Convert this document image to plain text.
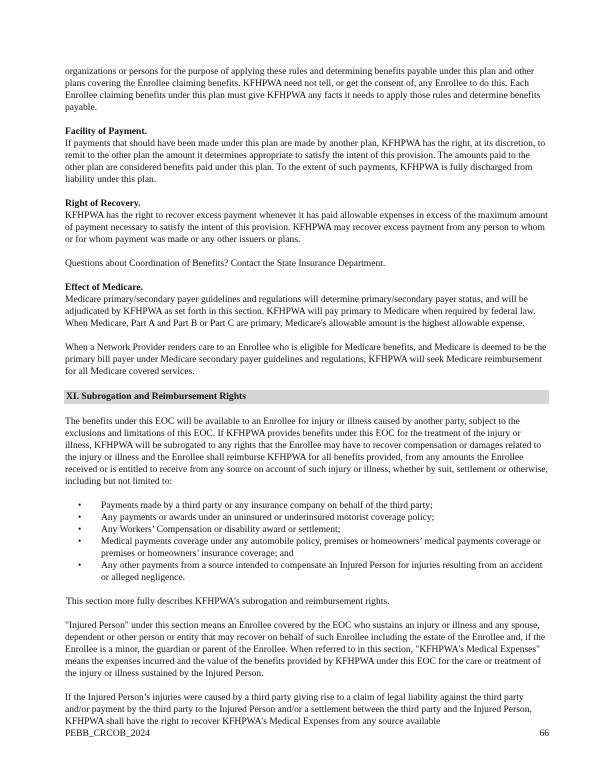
organizations or persons for the purpose of applying these rules and determining benefits payable under this plan and other plans covering the Enrollee claiming benefits. KFHPWA need not tell, or get the consent of, any Enrollee to do this. Each Enrollee claiming benefits under this plan must give KFHPWA any facts it needs to apply those rules and determine benefits payable.

Facility of Payment.
If payments that should have been made under this plan are made by another plan, KFHPWA has the right, at its discretion, to remit to the other plan the amount it determines appropriate to satisfy the intent of this provision. The amounts paid to the other plan are considered benefits paid under this plan. To the extent of such payments, KFHPWA is fully discharged from liability under this plan.

Right of Recovery.
KFHPWA has the right to recover excess payment whenever it has paid allowable expenses in excess of the maximum amount of payment necessary to satisfy the intent of this provision. KFHPWA may recover excess payment from any person to whom or for whom payment was made or any other issuers or plans.

Questions about Coordination of Benefits? Contact the State Insurance Department.

Effect of Medicare.
Medicare primary/secondary payer guidelines and regulations will determine primary/secondary payer status, and will be adjudicated by KFHPWA as set forth in this section. KFHPWA will pay primary to Medicare when required by federal law. When Medicare, Part A and Part B or Part C are primary, Medicare's allowable amount is the highest allowable expense.

When a Network Provider renders care to an Enrollee who is eligible for Medicare benefits, and Medicare is deemed to be the primary bill payer under Medicare secondary payer guidelines and regulations, KFHPWA will seek Medicare reimbursement for all Medicare covered services.

XI. Subrogation and Reimbursement Rights

The benefits under this EOC will be available to an Enrollee for injury or illness caused by another party, subject to the exclusions and limitations of this EOC. If KFHPWA provides benefits under this EOC for the treatment of the injury or illness, KFHPWA will be subrogated to any rights that the Enrollee may have to recover compensation or damages related to the injury or illness and the Enrollee shall reimburse KFHPWA for all benefits provided, from any amounts the Enrollee received or is entitled to receive from any source on account of such injury or illness, whether by suit, settlement or otherwise, including but not limited to:

• Payments made by a third party or any insurance company on behalf of the third party;
• Any payments or awards under an uninsured or underinsured motorist coverage policy;
• Any Workers’ Compensation or disability award or settlement;
• Medical payments coverage under any automobile policy, premises or homeowners’ medical payments coverage or premises or homeowners’ insurance coverage; and
• Any other payments from a source intended to compensate an Injured Person for injuries resulting from an accident or alleged negligence.

This section more fully describes KFHPWA’s subrogation and reimbursement rights.

"Injured Person" under this section means an Enrollee covered by the EOC who sustains an injury or illness and any spouse, dependent or other person or entity that may recover on behalf of such Enrollee including the estate of the Enrollee and, if the Enrollee is a minor, the guardian or parent of the Enrollee. When referred to in this section, "KFHPWA's Medical Expenses" means the expenses incurred and the value of the benefits provided by KFHPWA under this EOC for the care or treatment of the injury or illness sustained by the Injured Person.

If the Injured Person’s injuries were caused by a third party giving rise to a claim of legal liability against the third party and/or payment by the third party to the Injured Person and/or a settlement between the third party and the Injured Person, KFHPWA shall have the right to recover KFHPWA's Medical Expenses from any source available

PEBB_CRCOB_2024	66
